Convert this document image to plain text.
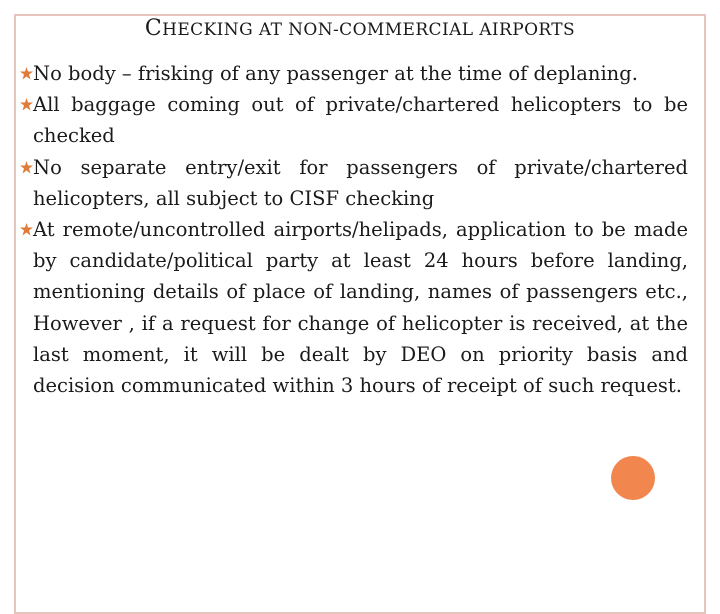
CHECKING AT NON-COMMERCIAL AIRPORTS
No body – frisking of any passenger at the time of deplaning.
All baggage coming out of private/chartered helicopters to be checked
No separate entry/exit for passengers of private/chartered helicopters, all subject to CISF checking
At remote/uncontrolled airports/helipads, application to be made by candidate/political party at least 24 hours before landing, mentioning details of place of landing, names of passengers etc., However , if a request for change of helicopter is received, at the last moment, it will be dealt by DEO on priority basis and decision communicated within 3 hours of receipt of such request.
